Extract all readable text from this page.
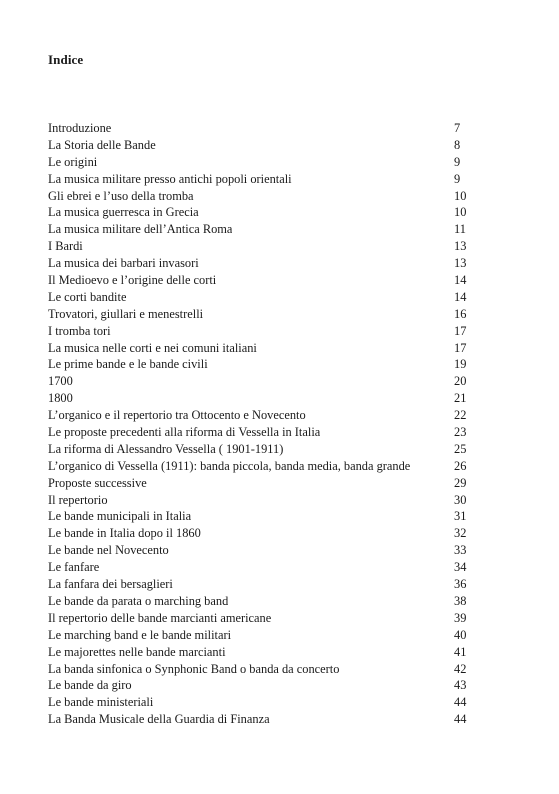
Indice
Introduzione	7
La Storia delle Bande	8
Le origini	9
La musica militare presso antichi popoli orientali	9
Gli ebrei e l’uso della tromba	10
La musica guerresca in Grecia	10
La musica militare dell’Antica Roma	11
I Bardi	13
La musica dei barbari invasori	13
Il Medioevo e l’origine delle corti	14
Le corti bandite	14
Trovatori, giullari e menestrelli	16
I tromba tori	17
La musica nelle corti e nei comuni italiani	17
Le prime bande e le bande civili	19
1700	20
1800	21
L’organico e il repertorio tra Ottocento e Novecento	22
Le proposte precedenti alla riforma di Vessella in Italia	23
La riforma di Alessandro Vessella ( 1901-1911)	25
L’organico di Vessella (1911): banda piccola, banda media, banda grande	26
Proposte successive	29
Il repertorio	30
Le bande municipali in Italia	31
Le bande in Italia dopo il 1860	32
Le bande nel Novecento	33
Le fanfare	34
La fanfara dei bersaglieri	36
Le bande da parata o marching band	38
Il repertorio delle bande marcianti americane	39
Le marching band e le bande militari	40
Le majorettes nelle bande marcianti	41
La banda sinfonica o Synphonic Band o banda da concerto	42
Le bande da giro	43
Le bande ministeriali	44
La Banda Musicale della Guardia di Finanza	44
